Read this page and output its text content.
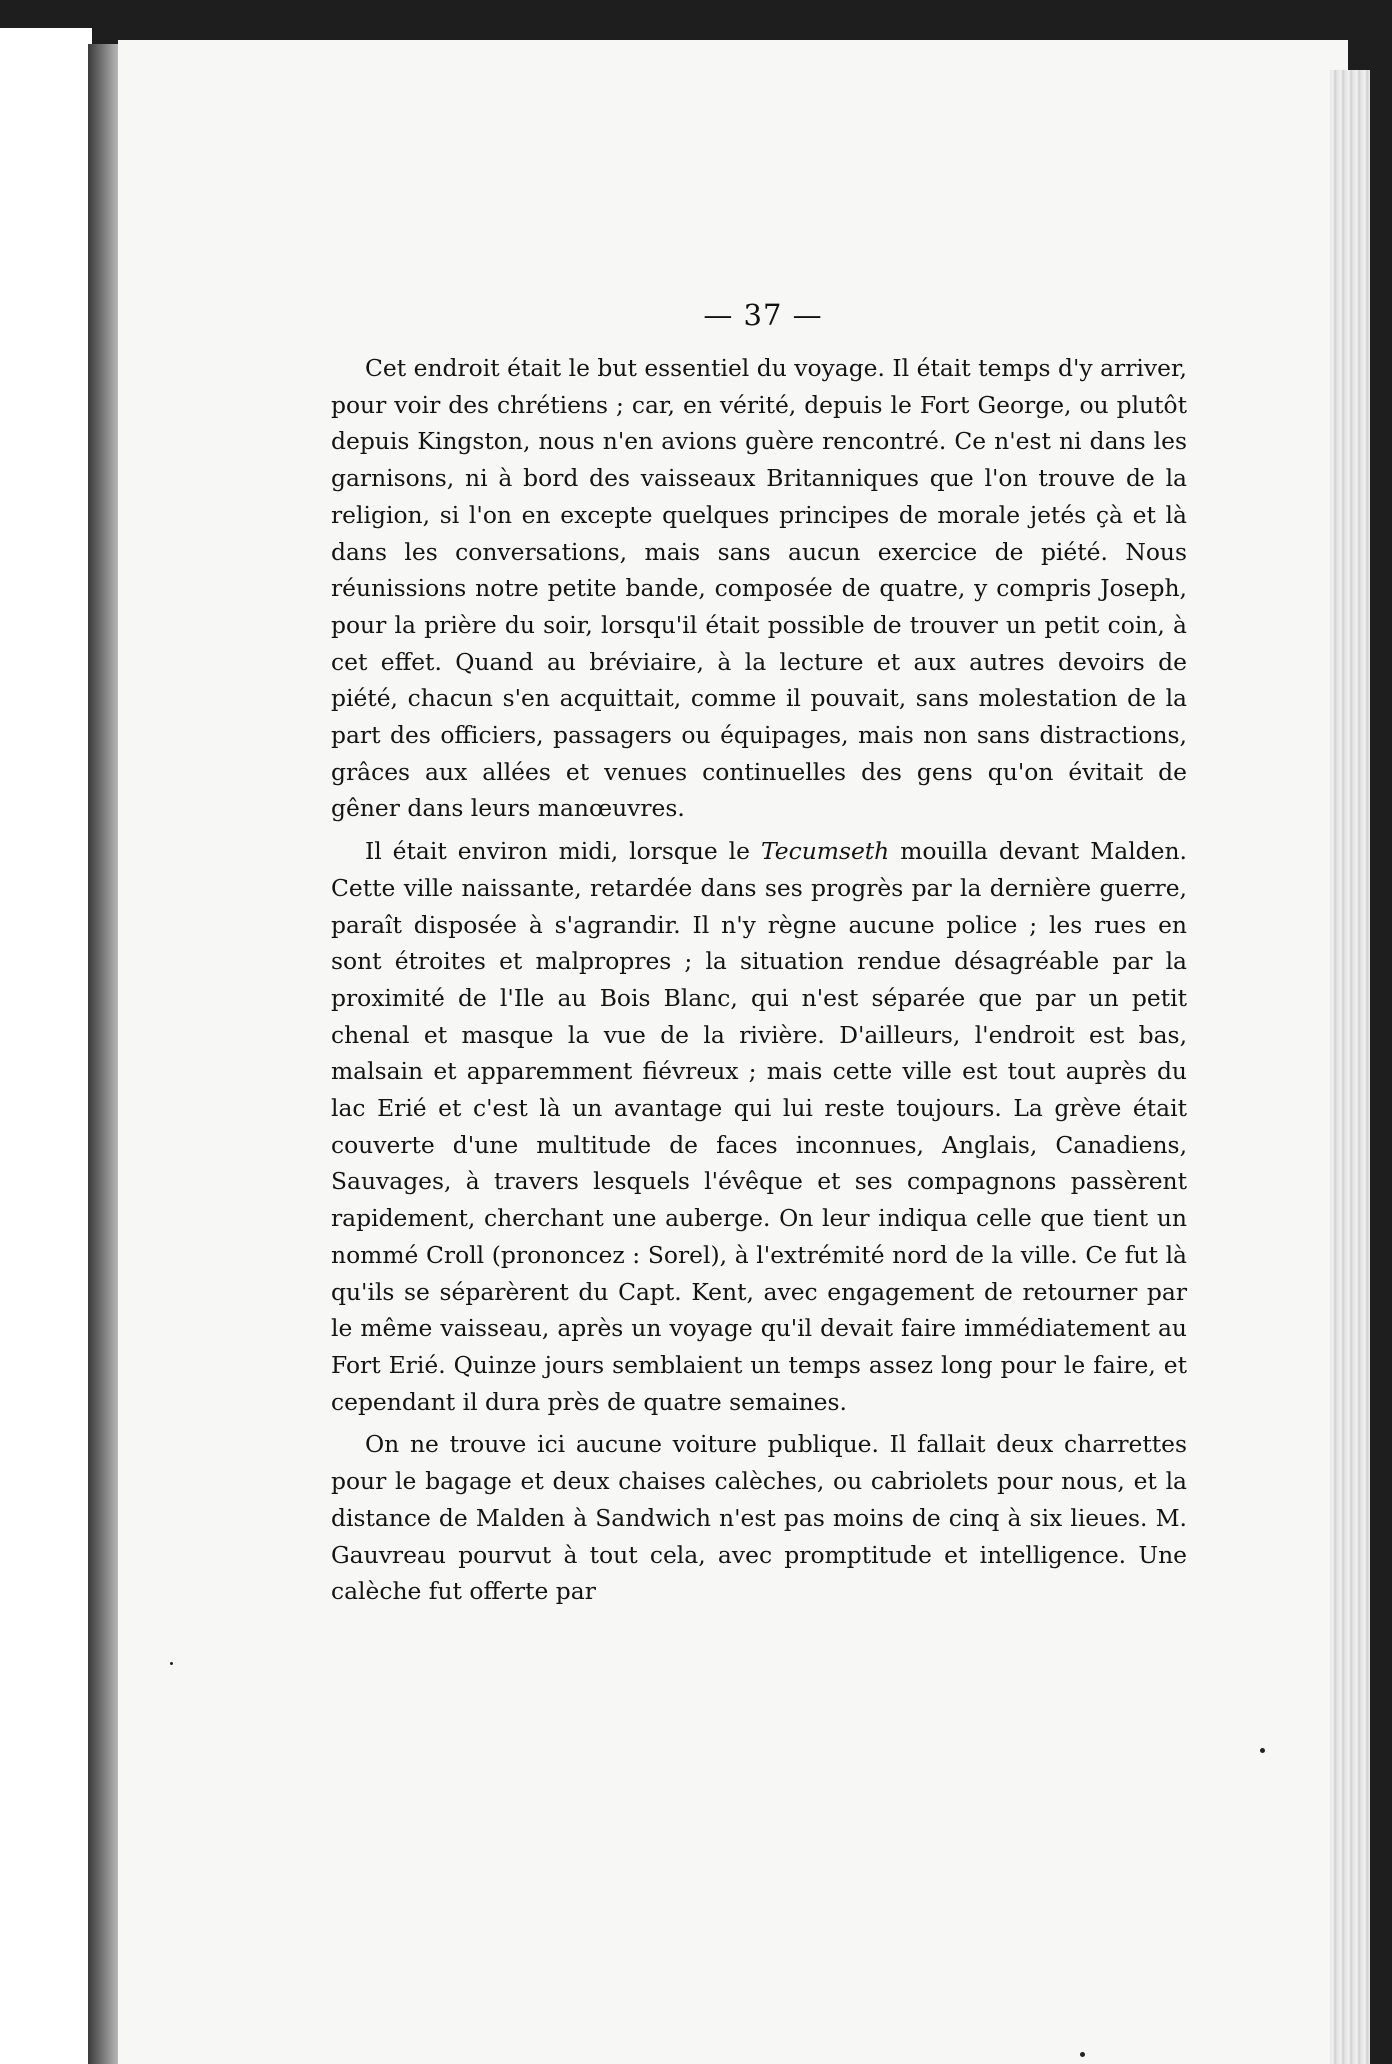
— 37 —

Cet endroit était le but essentiel du voyage. Il était temps d'y arriver, pour voir des chrétiens ; car, en vérité, depuis le Fort George, ou plutôt depuis Kingston, nous n'en avions guère rencontré. Ce n'est ni dans les garnisons, ni à bord des vaisseaux Britanniques que l'on trouve de la religion, si l'on en excepte quelques principes de morale jetés çà et là dans les conversations, mais sans aucun exercice de piété. Nous réunissions notre petite bande, composée de quatre, y compris Joseph, pour la prière du soir, lorsqu'il était possible de trouver un petit coin, à cet effet. Quand au bréviaire, à la lecture et aux autres devoirs de piété, chacun s'en acquittait, comme il pouvait, sans molestation de la part des officiers, passagers ou équipages, mais non sans distractions, grâces aux allées et venues continuelles des gens qu'on évitait de gêner dans leurs manœuvres.

Il était environ midi, lorsque le Tecumseth mouilla devant Malden. Cette ville naissante, retardée dans ses progrès par la dernière guerre, paraît disposée à s'agrandir. Il n'y règne aucune police ; les rues en sont étroites et malpropres ; la situation rendue désagréable par la proximité de l'Ile au Bois Blanc, qui n'est séparée que par un petit chenal et masque la vue de la rivière. D'ailleurs, l'endroit est bas, malsain et apparemment fiévreux ; mais cette ville est tout auprès du lac Erié et c'est là un avantage qui lui reste toujours. La grève était couverte d'une multitude de faces inconnues, Anglais, Canadiens, Sauvages, à travers lesquels l'évêque et ses compagnons passèrent rapidement, cherchant une auberge. On leur indiqua celle que tient un nommé Croll (prononcez : Sorel), à l'extrémité nord de la ville. Ce fut là qu'ils se séparèrent du Capt. Kent, avec engagement de retourner par le même vaisseau, après un voyage qu'il devait faire immédiatement au Fort Erié. Quinze jours semblaient un temps assez long pour le faire, et cependant il dura près de quatre semaines.

On ne trouve ici aucune voiture publique. Il fallait deux charrettes pour le bagage et deux chaises calèches, ou cabriolets pour nous, et la distance de Malden à Sandwich n'est pas moins de cinq à six lieues. M. Gauvreau pourvut à tout cela, avec promptitude et intelligence. Une calèche fut offerte par
